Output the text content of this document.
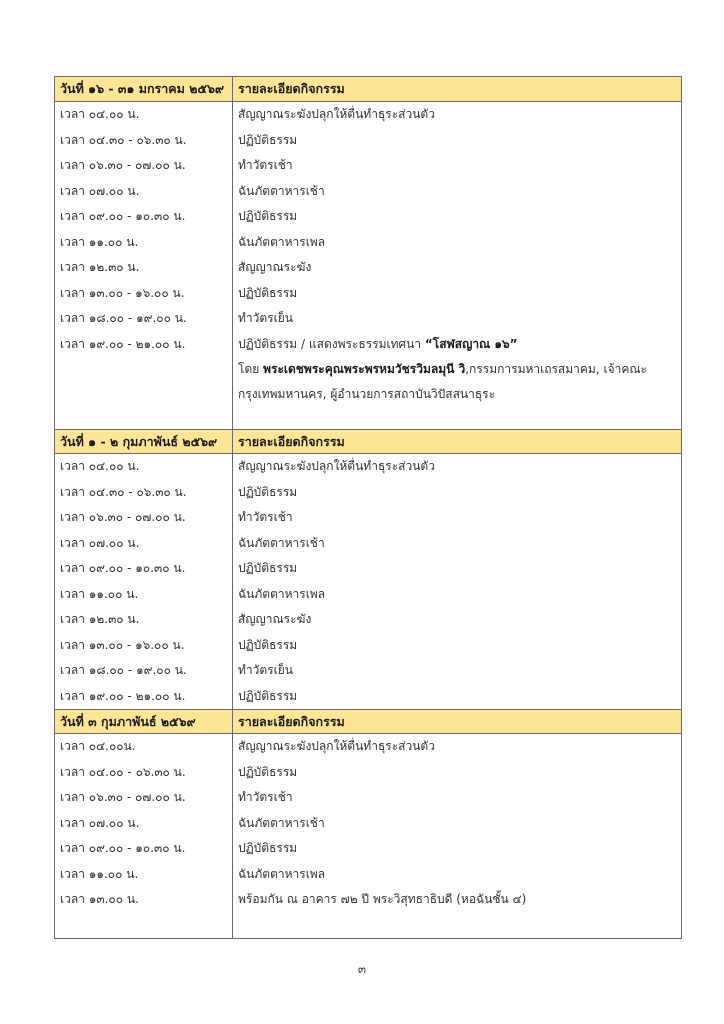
วันที่ ๑๖ - ๓๑ มกราคม ๒๕๖๙	รายละเอียดกิจกรรม
เวลา ๐๔.๐๐ น.	สัญญาณระฆังปลุกให้ตื่นทำธุระส่วนตัว
เวลา ๐๔.๓๐ - ๐๖.๓๐ น.	ปฏิบัติธรรม
เวลา ๐๖.๓๐ - ๐๗.๐๐ น.	ทำวัตรเช้า
เวลา ๐๗.๐๐ น.	ฉันภัตตาหารเช้า
เวลา ๐๙.๐๐ - ๑๐.๓๐ น.	ปฏิบัติธรรม
เวลา ๑๑.๐๐ น.	ฉันภัตตาหารเพล
เวลา ๑๒.๓๐ น.	สัญญาณระฆัง
เวลา ๑๓.๐๐ - ๑๖.๐๐ น.	ปฏิบัติธรรม
เวลา ๑๘.๐๐ - ๑๙.๐๐ น.	ทำวัตรเย็น
เวลา ๑๙.๐๐ - ๒๑.๐๐ น.	ปฏิบัติธรรม / แสดงพระธรรมเทศนา “โสฬสญาณ ๑๖”
โดย พระเดชพระคุณพระพรหมวัชรวิมลมุนี วิ,กรรมการมหาเถรสมาคม, เจ้าคณะ
กรุงเทพมหานคร, ผู้อำนวยการสถาบันวิปัสสนาธุระ
วันที่ ๑ - ๒ กุมภาพันธ์ ๒๕๖๙	รายละเอียดกิจกรรม
เวลา ๐๔.๐๐ น.	สัญญาณระฆังปลุกให้ตื่นทำธุระส่วนตัว
เวลา ๐๔.๓๐ - ๐๖.๓๐ น.	ปฏิบัติธรรม
เวลา ๐๖.๓๐ - ๐๗.๐๐ น.	ทำวัตรเช้า
เวลา ๐๗.๐๐ น.	ฉันภัตตาหารเช้า
เวลา ๐๙.๐๐ - ๑๐.๓๐ น.	ปฏิบัติธรรม
เวลา ๑๑.๐๐ น.	ฉันภัตตาหารเพล
เวลา ๑๒.๓๐ น.	สัญญาณระฆัง
เวลา ๑๓.๐๐ - ๑๖.๐๐ น.	ปฏิบัติธรรม
เวลา ๑๘.๐๐ - ๑๙.๐๐ น.	ทำวัตรเย็น
เวลา ๑๙.๐๐ - ๒๑.๐๐ น.	ปฏิบัติธรรม
วันที่ ๓ กุมภาพันธ์ ๒๕๖๙	รายละเอียดกิจกรรม
เวลา ๐๔.๐๐น.	สัญญาณระฆังปลุกให้ตื่นทำธุระส่วนตัว
เวลา ๐๔.๐๐ - ๐๖.๓๐ น.	ปฏิบัติธรรม
เวลา ๐๖.๓๐ - ๐๗.๐๐ น.	ทำวัตรเช้า
เวลา ๐๗.๐๐ น.	ฉันภัตตาหารเช้า
เวลา ๐๙.๐๐ - ๑๐.๓๐ น.	ปฏิบัติธรรม
เวลา ๑๑.๐๐ น.	ฉันภัตตาหารเพล
เวลา ๑๓.๐๐ น.	พร้อมกัน ณ อาคาร ๗๒ ปี พระวิสุทธาธิบดี (หอฉันชั้น ๔)
๓
